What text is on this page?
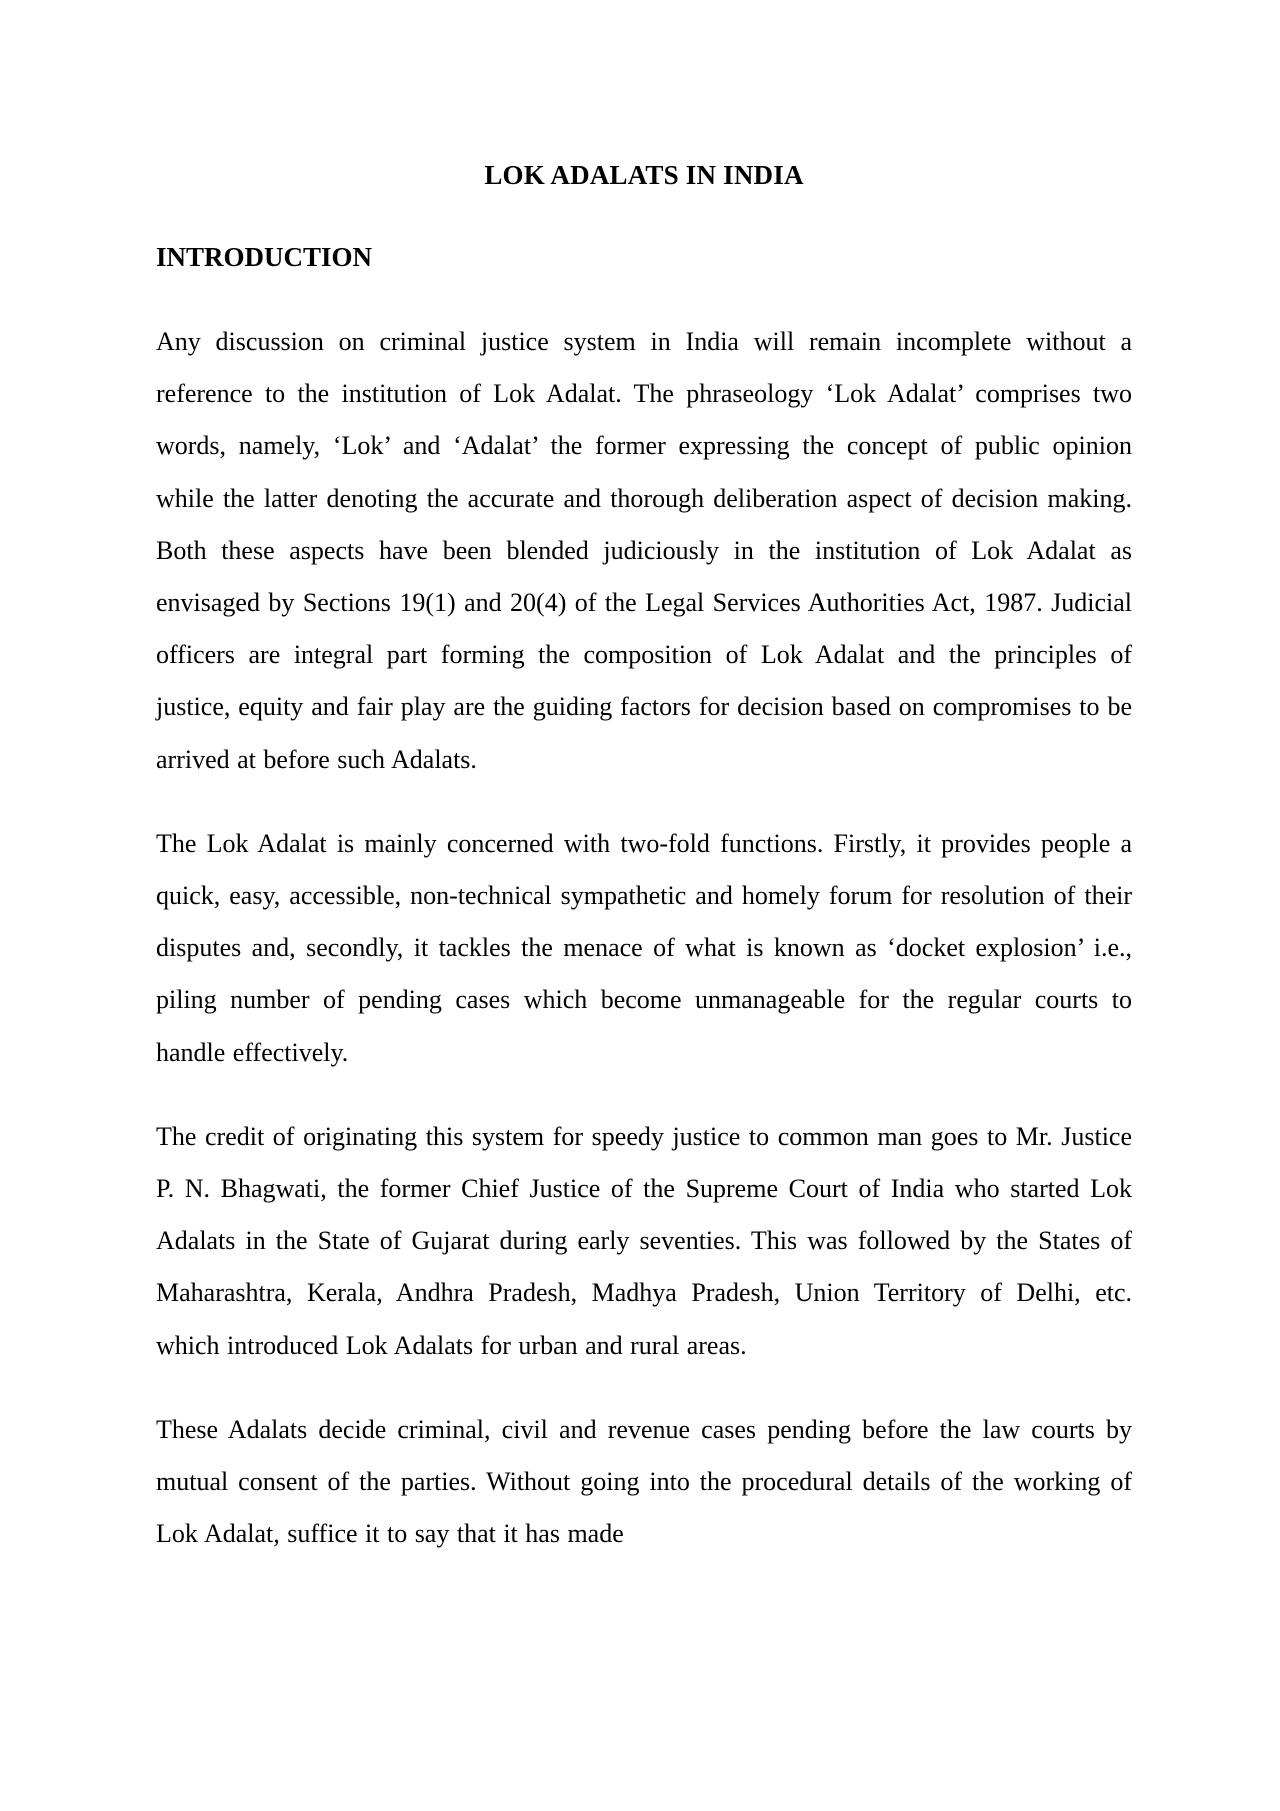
LOK ADALATS IN INDIA
INTRODUCTION

Any discussion on criminal justice system in India will remain incomplete without a reference to the institution of Lok Adalat. The phraseology ‘Lok Adalat’ comprises two words, namely, ‘Lok’ and ‘Adalat’ the former expressing the concept of public opinion while the latter denoting the accurate and thorough deliberation aspect of decision making. Both these aspects have been blended judiciously in the institution of Lok Adalat as envisaged by Sections 19(1) and 20(4) of the Legal Services Authorities Act, 1987. Judicial officers are integral part forming the composition of Lok Adalat and the principles of justice, equity and fair play are the guiding factors for decision based on compromises to be arrived at before such Adalats.

The Lok Adalat is mainly concerned with two-fold functions. Firstly, it provides people a quick, easy, accessible, non-technical sympathetic and homely forum for resolution of their disputes and, secondly, it tackles the menace of what is known as ‘docket explosion’ i.e., piling number of pending cases which become unmanageable for the regular courts to handle effectively.

The credit of originating this system for speedy justice to common man goes to Mr. Justice P. N. Bhagwati, the former Chief Justice of the Supreme Court of India who started Lok Adalats in the State of Gujarat during early seventies. This was followed by the States of Maharashtra, Kerala, Andhra Pradesh, Madhya Pradesh, Union Territory of Delhi, etc. which introduced Lok Adalats for urban and rural areas.

These Adalats decide criminal, civil and revenue cases pending before the law courts by mutual consent of the parties. Without going into the procedural details of the working of Lok Adalat, suffice it to say that it has made
